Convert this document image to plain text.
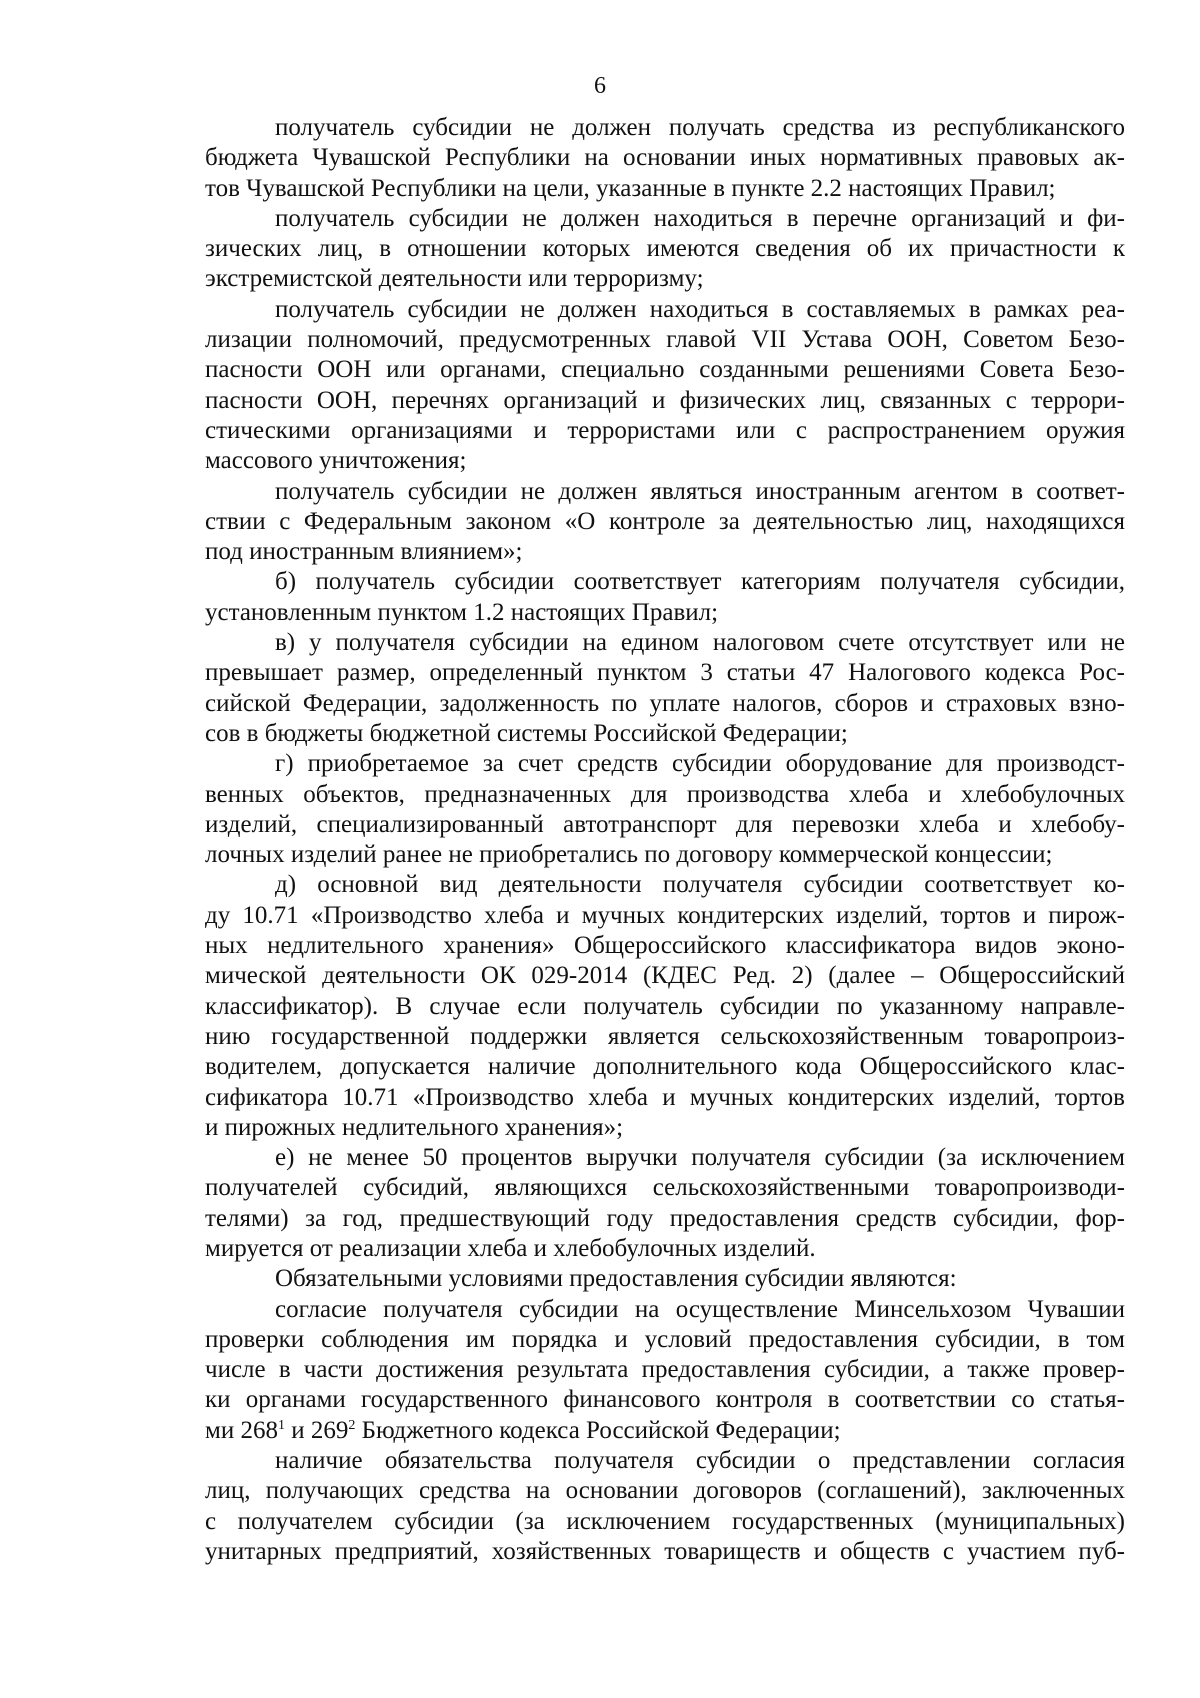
6
получатель субсидии не должен получать средства из республиканского
бюджета Чувашской Республики на основании иных нормативных правовых ак-
тов Чувашской Республики на цели, указанные в пункте 2.2 настоящих Правил;
получатель субсидии не должен находиться в перечне организаций и фи-
зических лиц, в отношении которых имеются сведения об их причастности к
экстремистской деятельности или терроризму;
получатель субсидии не должен находиться в составляемых в рамках реа-
лизации полномочий, предусмотренных главой VII Устава ООН, Советом Безо-
пасности ООН или органами, специально созданными решениями Совета Безо-
пасности ООН, перечнях организаций и физических лиц, связанных с террори-
стическими организациями и террористами или с распространением оружия
массового уничтожения;
получатель субсидии не должен являться иностранным агентом в соответ-
ствии с Федеральным законом «О контроле за деятельностью лиц, находящихся
под иностранным влиянием»;
б) получатель субсидии соответствует категориям получателя субсидии,
установленным пунктом 1.2 настоящих Правил;
в) у получателя субсидии на едином налоговом счете отсутствует или не
превышает размер, определенный пунктом 3 статьи 47 Налогового кодекса Рос-
сийской Федерации, задолженность по уплате налогов, сборов и страховых взно-
сов в бюджеты бюджетной системы Российской Федерации;
г) приобретаемое за счет средств субсидии оборудование для производст-
венных объектов, предназначенных для производства хлеба и хлебобулочных
изделий, специализированный автотранспорт для перевозки хлеба и хлебобу-
лочных изделий ранее не приобретались по договору коммерческой концессии;
д) основной вид деятельности получателя субсидии соответствует ко-
ду 10.71 «Производство хлеба и мучных кондитерских изделий, тортов и пирож-
ных недлительного хранения» Общероссийского классификатора видов эконо-
мической деятельности ОК 029-2014 (КДЕС Ред. 2) (далее – Общероссийский
классификатор). В случае если получатель субсидии по указанному направле-
нию государственной поддержки является сельскохозяйственным товаропроиз-
водителем, допускается наличие дополнительного кода Общероссийского клас-
сификатора 10.71 «Производство хлеба и мучных кондитерских изделий, тортов
и пирожных недлительного хранения»;
е) не менее 50 процентов выручки получателя субсидии (за исключением
получателей субсидий, являющихся сельскохозяйственными товаропроизводи-
телями) за год, предшествующий году предоставления средств субсидии, фор-
мируется от реализации хлеба и хлебобулочных изделий.
Обязательными условиями предоставления субсидии являются:
согласие получателя субсидии на осуществление Минсельхозом Чувашии
проверки соблюдения им порядка и условий предоставления субсидии, в том
числе в части достижения результата предоставления субсидии, а также провер-
ки органами государственного финансового контроля в соответствии со статья-
ми $268^1$ и $269^2$ Бюджетного кодекса Российской Федерации;
наличие обязательства получателя субсидии о представлении согласия
лиц, получающих средства на основании договоров (соглашений), заключенных
с получателем субсидии (за исключением государственных (муниципальных)
унитарных предприятий, хозяйственных товариществ и обществ с участием пуб-
